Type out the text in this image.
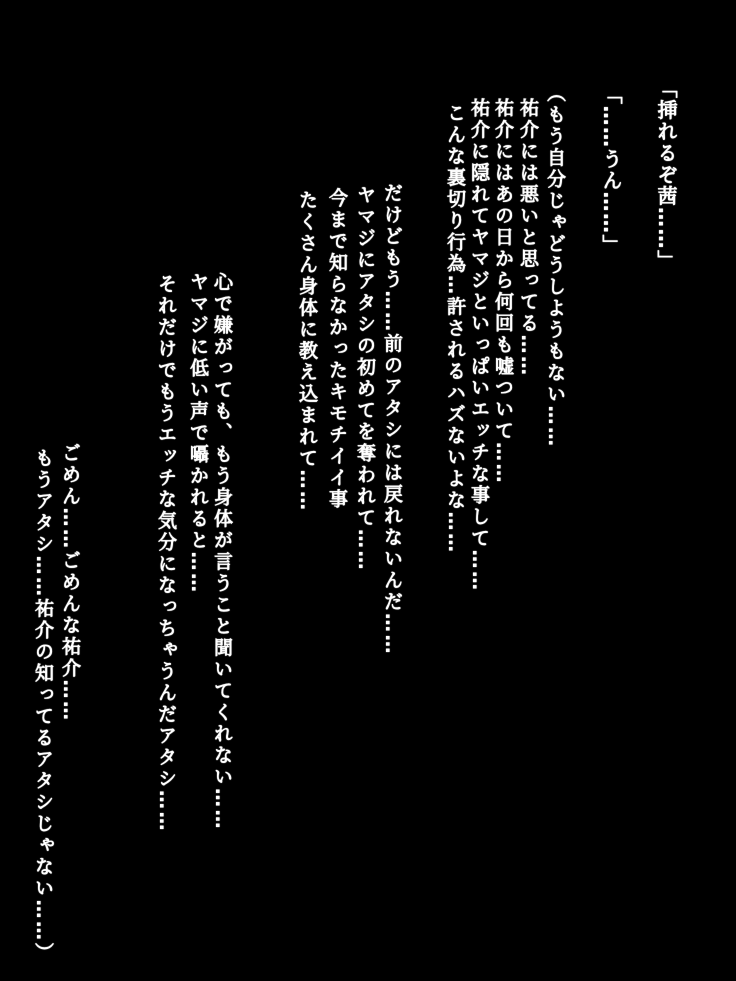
「挿れるぞ茜……」
「……うん……」
（もう自分じゃどうしようもない……
祐介には悪いと思ってる……
祐介にはあの日から何回も嘘ついて……
祐介に隠れてヤマジといっぱいエッチな事して……
こんな裏切り行為…許されるハズないよな……
だけどもう……前のアタシには戻れないんだ……
ヤマジにアタシの初めてを奪われて……
今まで知らなかったキモチイイ事
たくさん身体に教え込まれて……
心で嫌がっても、もう身体が言うこと聞いてくれない……
ヤマジに低い声で囁かれると……
それだけでもうエッチな気分になっちゃうんだアタシ……
ごめん……ごめんな祐介……
もうアタシ……祐介の知ってるアタシじゃない……）
